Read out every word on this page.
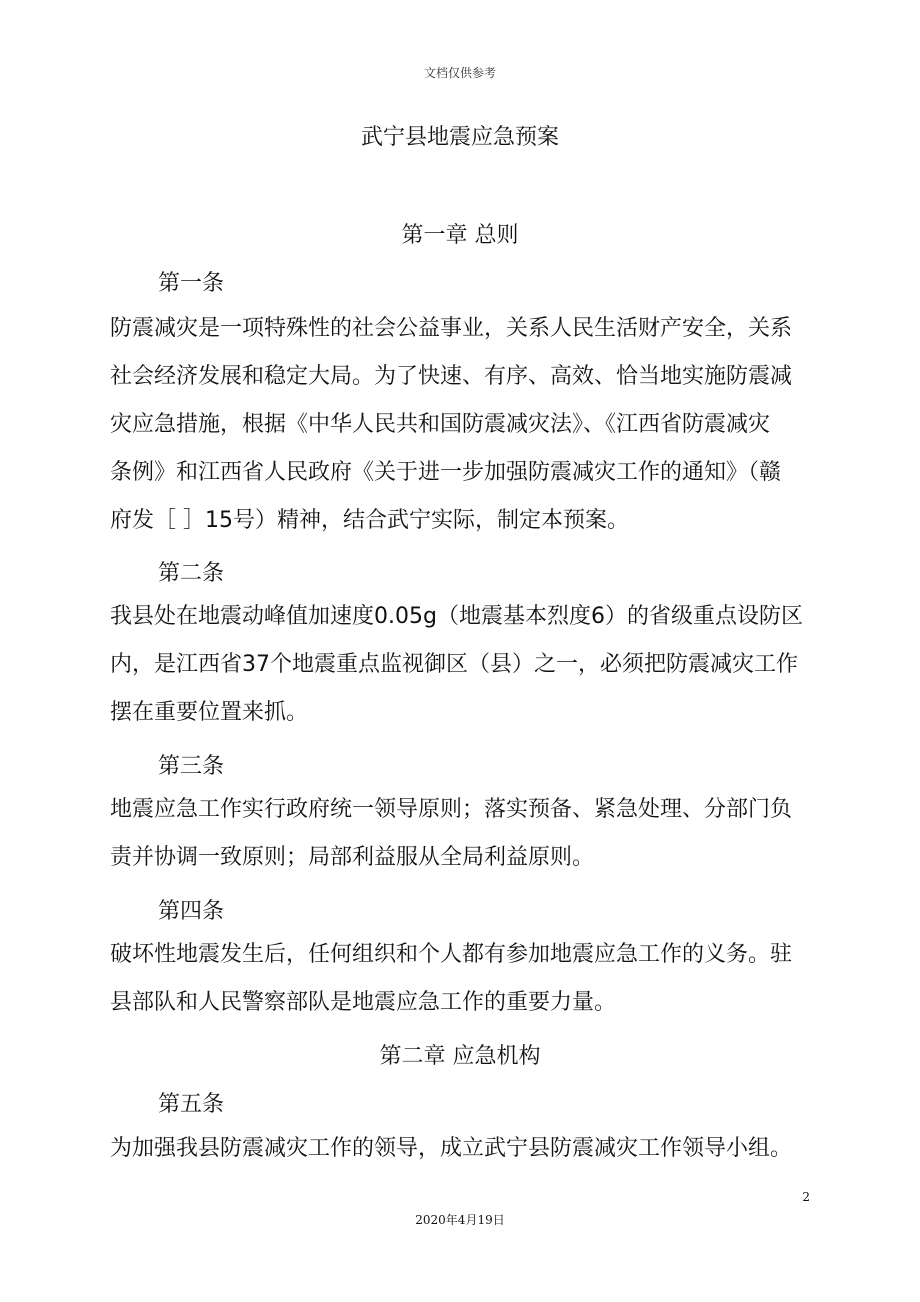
文档仅供参考
武宁县地震应急预案
第一章 总则
第一条

防震减灾是一项特殊性的社会公益事业，关系人民生活财产安全，关系

社会经济发展和稳定大局。为了快速、有序、高效、恰当地实施防震减

灾应急措施，根据《中华人民共和国防震减灾法》、《江西省防震减灾

条例》和江西省人民政府《关于进一步加强防震减灾工作的通知》（赣

府发［ ］15号）精神，结合武宁实际，制定本预案。

第二条

我县处在地震动峰值加速度0.05g（地震基本烈度6）的省级重点设防区

内，是江西省37个地震重点监视御区（县）之一，必须把防震减灾工作

摆在重要位置来抓。

第三条

地震应急工作实行政府统一领导原则；落实预备、紧急处理、分部门负

责并协调一致原则；局部利益服从全局利益原则。

第四条

破坏性地震发生后，任何组织和个人都有参加地震应急工作的义务。驻

县部队和人民警察部队是地震应急工作的重要力量。

第二章 应急机构
第五条

为加强我县防震减灾工作的领导，成立武宁县防震减灾工作领导小组。

2
2020年4月19日
